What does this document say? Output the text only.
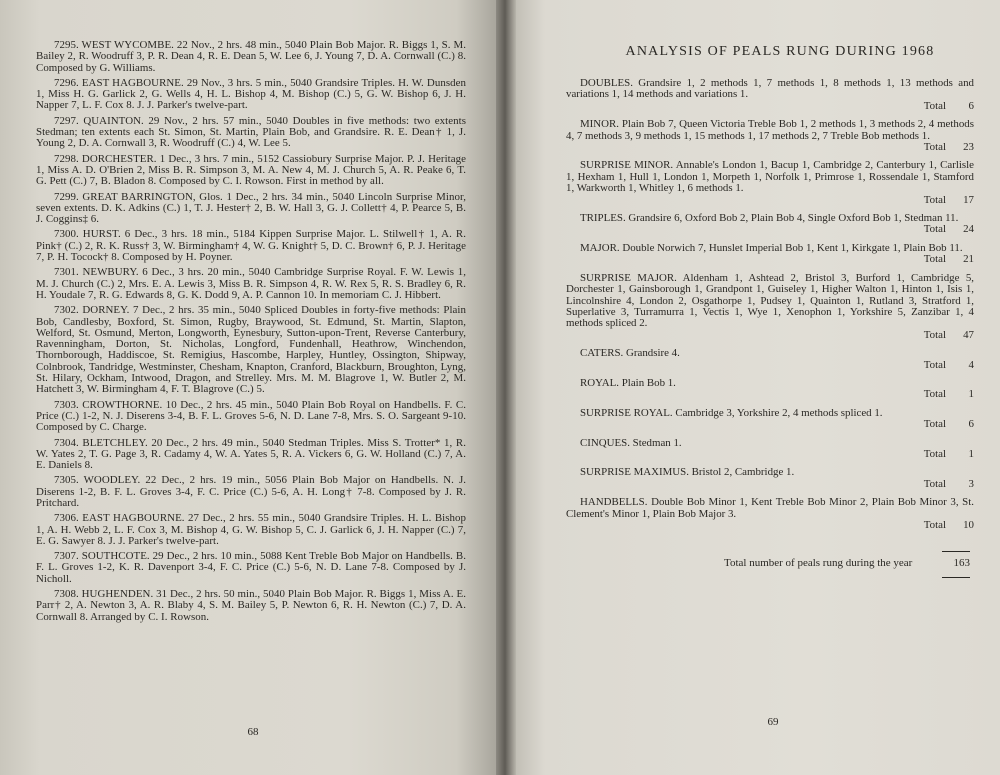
7295. WEST WYCOMBE. 22 Nov., 2 hrs. 48 min., 5040 Plain Bob Major. R. Biggs 1, S. M. Bailey 2, R. Woodruff 3, P. R. Dean 4, R. E. Dean 5, W. Lee 6, J. Young 7, D. A. Cornwall (C.) 8. Composed by G. Williams.

7296. EAST HAGBOURNE. 29 Nov., 3 hrs. 5 min., 5040 Grandsire Triples. H. W. Dunsden 1, Miss H. G. Garlick 2, G. Wells 4, H. L. Bishop 4, M. Bishop (C.) 5, G. W. Bishop 6, J. H. Napper 7, L. F. Cox 8. J. J. Parker's twelve-part.

7297. QUAINTON. 29 Nov., 2 hrs. 57 min., 5040 Doubles in five methods: two extents Stedman; ten extents each St. Simon, St. Martin, Plain Bob, and Grandsire. R. E. Dean† 1, J. Young 2, D. A. Cornwall 3, R. Woodruff (C.) 4, W. Lee 5.

7298. DORCHESTER. 1 Dec., 3 hrs. 7 min., 5152 Cassiobury Surprise Major. P. J. Heritage 1, Miss A. D. O'Brien 2, Miss B. R. Simpson 3, M. A. New 4, M. J. Church 5, A. R. Peake 6, T. G. Pett (C.) 7, B. Bladon 8. Composed by C. I. Rowson. First in method by all.

7299. GREAT BARRINGTON, Glos. 1 Dec., 2 hrs. 34 min., 5040 Lincoln Surprise Minor, seven extents. D. K. Adkins (C.) 1, T. J. Hester† 2, B. W. Hall 3, G. J. Collett† 4, P. Pearce 5, B. J. Coggins‡ 6.

7300. HURST. 6 Dec., 3 hrs. 18 min., 5184 Kippen Surprise Major. L. Stilwell† 1, A. R. Pink† (C.) 2, R. K. Russ† 3, W. Birmingham† 4, W. G. Knight† 5, D. C. Brown† 6, P. J. Heritage 7, P. H. Tocock† 8. Composed by H. Poyner.

7301. NEWBURY. 6 Dec., 3 hrs. 20 min., 5040 Cambridge Surprise Royal. F. W. Lewis 1, M. J. Church (C.) 2, Mrs. E. A. Lewis 3, Miss B. R. Simpson 4, R. W. Rex 5, R. S. Bradley 6, R. H. Youdale 7, R. G. Edwards 8, G. K. Dodd 9, A. P. Cannon 10. In memoriam C. J. Hibbert.

7302. DORNEY. 7 Dec., 2 hrs. 35 min., 5040 Spliced Doubles in forty-five methods: Plain Bob, Candlesby, Boxford, St. Simon, Rugby, Braywood, St. Edmund, St. Martin, Slapton, Welford, St. Osmund, Merton, Longworth, Eynesbury, Sutton-upon-Trent, Reverse Canterbury, Ravenningham, Dorton, St. Nicholas, Longford, Fundenhall, Heathrow, Winchendon, Thornborough, Haddiscoe, St. Remigius, Hascombe, Harpley, Huntley, Ossington, Shipway, Colnbrook, Tandridge, Westminster, Chesham, Knapton, Cranford, Blackburn, Broughton, Lyng, St. Hilary, Ockham, Intwood, Dragon, and Strelley. Mrs. M. M. Blagrove 1, W. Butler 2, M. Hatchett 3, W. Birmingham 4, F. T. Blagrove (C.) 5.

7303. CROWTHORNE. 10 Dec., 2 hrs. 45 min., 5040 Plain Bob Royal on Handbells. F. C. Price (C.) 1-2, N. J. Diserens 3-4, B. F. L. Groves 5-6, N. D. Lane 7-8, Mrs. S. O. Sargeant 9-10. Composed by C. Charge.

7304. BLETCHLEY. 20 Dec., 2 hrs. 49 min., 5040 Stedman Triples. Miss S. Trotter* 1, R. W. Yates 2, T. G. Page 3, R. Cadamy 4, W. A. Yates 5, R. A. Vickers 6, G. W. Holland (C.) 7, A. E. Daniels 8.

7305. WOODLEY. 22 Dec., 2 hrs. 19 min., 5056 Plain Bob Major on Handbells. N. J. Diserens 1-2, B. F. L. Groves 3-4, F. C. Price (C.) 5-6, A. H. Long† 7-8. Composed by J. R. Pritchard.

7306. EAST HAGBOURNE. 27 Dec., 2 hrs. 55 min., 5040 Grandsire Triples. H. L. Bishop 1, A. H. Webb 2, L. F. Cox 3, M. Bishop 4, G. W. Bishop 5, C. J. Garlick 6, J. H. Napper (C.) 7, E. G. Sawyer 8. J. J. Parker's twelve-part.

7307. SOUTHCOTE. 29 Dec., 2 hrs. 10 min., 5088 Kent Treble Bob Major on Handbells. B. F. L. Groves 1-2, K. R. Davenport 3-4, F. C. Price (C.) 5-6, N. D. Lane 7-8. Composed by J. Nicholl.

7308. HUGHENDEN. 31 Dec., 2 hrs. 50 min., 5040 Plain Bob Major. R. Biggs 1, Miss A. E. Parr† 2, A. Newton 3, A. R. Blaby 4, S. M. Bailey 5, P. Newton 6, R. H. Newton (C.) 7, D. A. Cornwall 8. Arranged by C. I. Rowson.

68
ANALYSIS OF PEALS RUNG DURING 1968

DOUBLES. Grandsire 1, 2 methods 1, 7 methods 1, 8 methods 1, 13 methods and variations 1, 14 methods and variations 1.
Total 6

MINOR. Plain Bob 7, Queen Victoria Treble Bob 1, 2 methods 1, 3 methods 2, 4 methods 4, 7 methods 3, 9 methods 1, 15 methods 1, 17 methods 2, 7 Treble Bob methods 1.
Total 23

SURPRISE MINOR. Annable's London 1, Bacup 1, Cambridge 2, Canterbury 1, Carlisle 1, Hexham 1, Hull 1, London 1, Morpeth 1, Norfolk 1, Primrose 1, Rossendale 1, Stamford 1, Warkworth 1, Whitley 1, 6 methods 1.
Total 17

TRIPLES. Grandsire 6, Oxford Bob 2, Plain Bob 4, Single Oxford Bob 1, Stedman 11.
Total 24

MAJOR. Double Norwich 7, Hunslet Imperial Bob 1, Kent 1, Kirkgate 1, Plain Bob 11.
Total 21

SURPRISE MAJOR. Aldenham 1, Ashtead 2, Bristol 3, Burford 1, Cambridge 5, Dorchester 1, Gainsborough 1, Grandpont 1, Guiseley 1, Higher Walton 1, Hinton 1, Isis 1, Lincolnshire 4, London 2, Osgathorpe 1, Pudsey 1, Quainton 1, Rutland 3, Stratford 1, Superlative 3, Turramurra 1, Vectis 1, Wye 1, Xenophon 1, Yorkshire 5, Zanzibar 1, 4 methods spliced 2.
Total 47

CATERS. Grandsire 4.
Total 4

ROYAL. Plain Bob 1.
Total 1

SURPRISE ROYAL. Cambridge 3, Yorkshire 2, 4 methods spliced 1.
Total 6

CINQUES. Stedman 1.
Total 1

SURPRISE MAXIMUS. Bristol 2, Cambridge 1.
Total 3

HANDBELLS. Double Bob Minor 1, Kent Treble Bob Minor 2, Plain Bob Minor 3, St. Clement's Minor 1, Plain Bob Major 3.
Total 10

Total number of peals rung during the year	163
69
